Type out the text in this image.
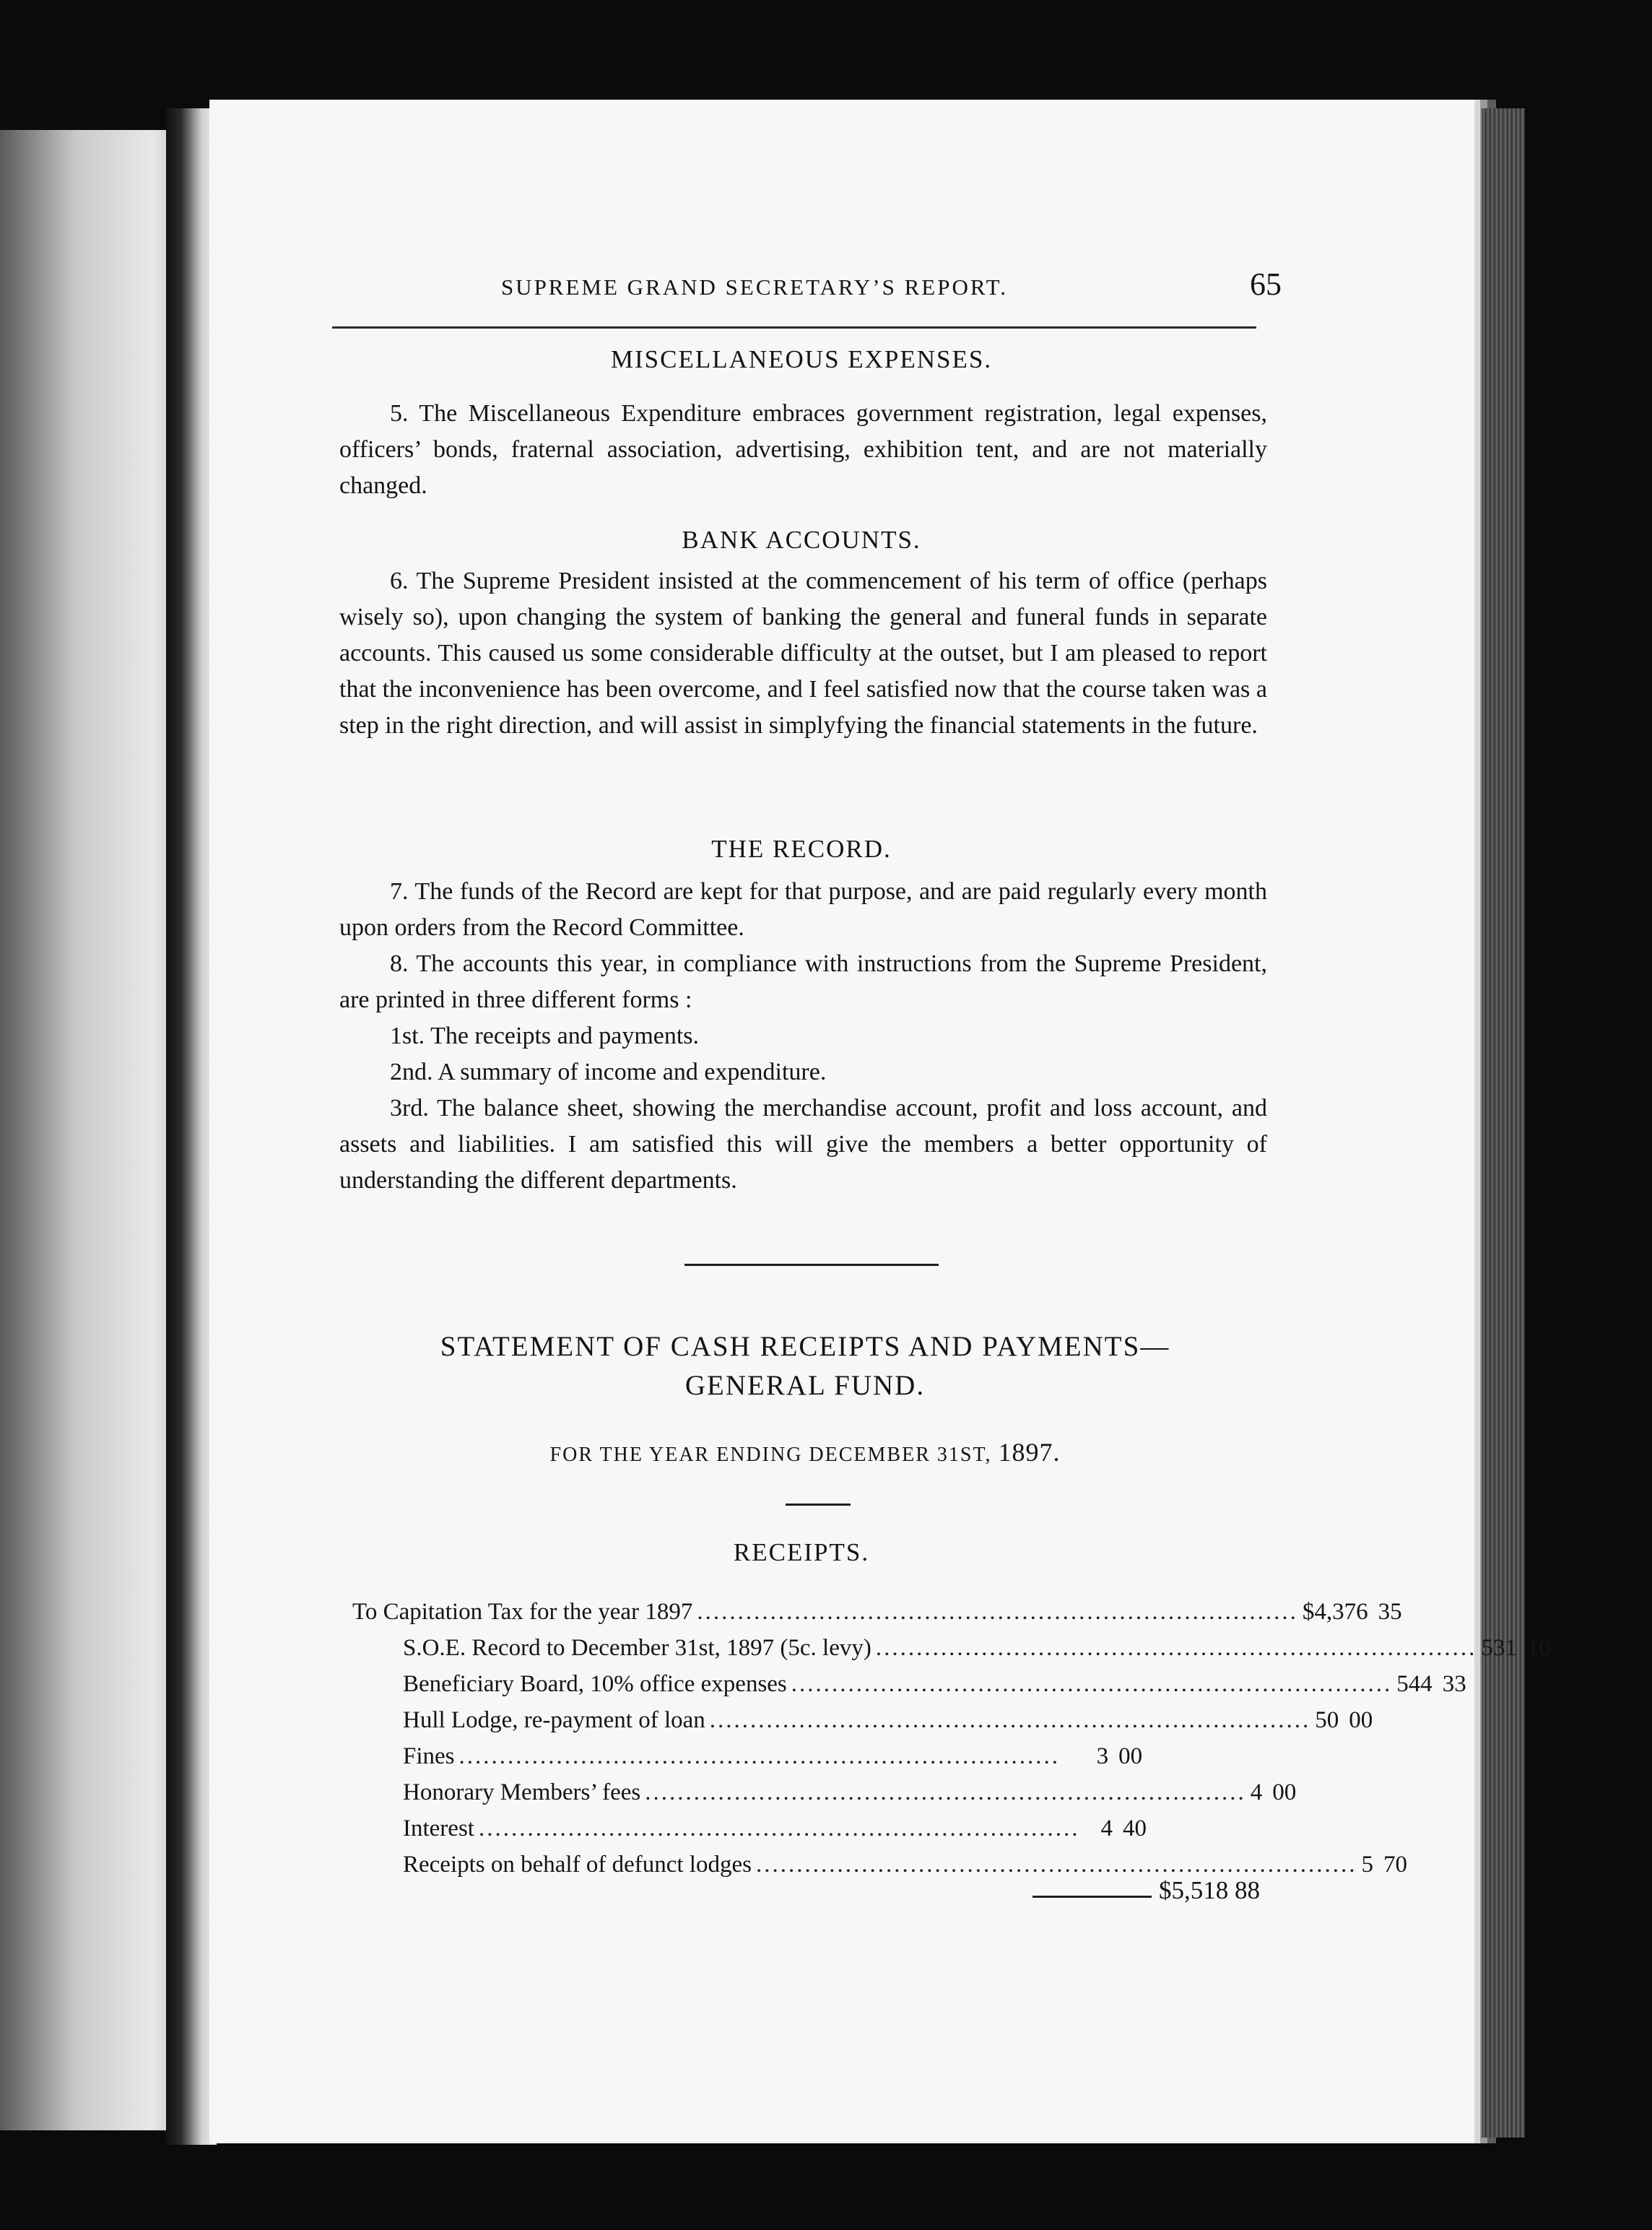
SUPREME GRAND SECRETARY’S REPORT.	65
MISCELLANEOUS EXPENSES.
5. The Miscellaneous Expenditure embraces government registration, legal expenses, officers’ bonds, fraternal association, advertising, exhibition tent, and are not materially changed.
BANK ACCOUNTS.
6. The Supreme President insisted at the commencement of his term of office (perhaps wisely so), upon changing the system of banking the general and funeral funds in separate accounts. This caused us some considerable difficulty at the outset, but I am pleased to report that the inconvenience has been overcome, and I feel satisfied now that the course taken was a step in the right direction, and will assist in simplyfying the financial statements in the future.
THE RECORD.
7. The funds of the Record are kept for that purpose, and are paid regularly every month upon orders from the Record Committee.
8. The accounts this year, in compliance with instructions from the Supreme President, are printed in three different forms :
1st. The receipts and payments.
2nd. A summary of income and expenditure.
3rd. The balance sheet, showing the merchandise account, profit and loss account, and assets and liabilities. I am satisfied this will give the members a better opportunity of understanding the different departments.
STATEMENT OF CASH RECEIPTS AND PAYMENTS—
GENERAL FUND.
FOR THE YEAR ENDING DECEMBER 31ST, 1897.
RECEIPTS.
To Capitation Tax for the year 1897 .......................................................................... $4,376 35
S.O.E. Record to December 31st, 1897 (5c. levy) .......................................................................... 531 10
Beneficiary Board, 10% office expenses .......................................................................... 544 33
Hull Lodge, re-payment of loan .......................................................................... 50 00
Fines ..........................................................................	3 00
Honorary Members’ fees .......................................................................... 4 00
Interest .......................................................................... 4 40
Receipts on behalf of defunct lodges .......................................................................... 5 70
$5,518 88
